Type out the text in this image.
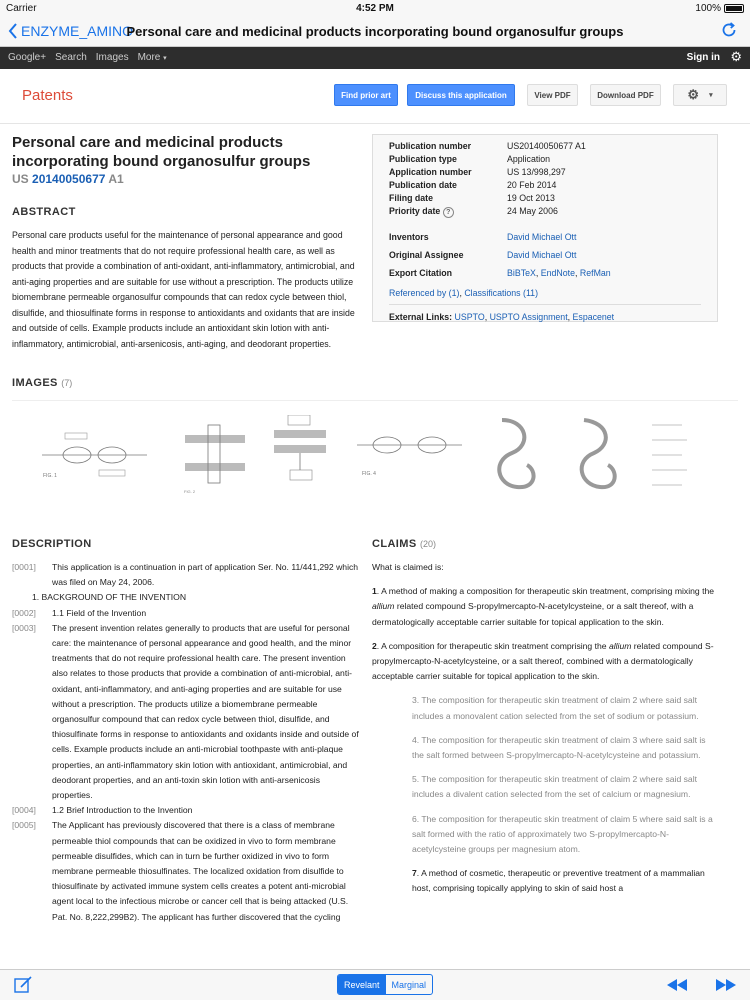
Carrier	4:52 PM	100%
ENZYME_AMINO
Personal care and medicinal products incorporating bound organosulfur groups
Google+ Search Images More ▾	Sign in ⚙
Patents	Find prior art	Discuss this application	View PDF	Download PDF	⚙ ▾
Personal care and medicinal products incorporating bound organosulfur groups
US 20140050677 A1
ABSTRACT

Personal care products useful for the maintenance of personal appearance and good health and minor treatments that do not require professional health care, as well as products that provide a combination of anti-oxidant, anti-inflammatory, antimicrobial, and anti-aging properties and are suitable for use without a prescription. The products utilize biomembrane permeable organosulfur compounds that can redox cycle between thiol, disulfide, and thiosulfinate forms in response to antioxidants and oxidants that are inside and outside of cells. Example products include an antioxidant skin lotion with anti-inflammatory, antimicrobial, anti-arsenicosis, anti-aging, and deodorant properties.

Publication number	US20140050677 A1
Publication type	Application
Application number	US 13/998,297
Publication date	20 Feb 2014
Filing date	19 Oct 2013
Priority date ?	24 May 2006

Inventors	David Michael Ott
Original Assignee	David Michael Ott
Export Citation	BiBTeX, EndNote, RefMan
Referenced by (1), Classifications (11)
External Links: USPTO, USPTO Assignment, Espacenet
IMAGES (7)
FIG. 1
FIG. 2
FIG. 4
DESCRIPTION
[0001]	This application is a continuation in part of application Ser. No. 11/441,292 which was filed on May 24, 2006.
1. BACKGROUND OF THE INVENTION
[0002]	1.1 Field of the Invention
[0003]	The present invention relates generally to products that are useful for personal care: the maintenance of personal appearance and good health, and the minor treatments that do not require professional health care. The present invention also relates to those products that provide a combination of anti-microbial, anti-oxidant, anti-inflammatory, and anti-aging properties and are suitable for use without a prescription. The products utilize a biomembrane permeable organosulfur compound that can redox cycle between thiol, disulfide, and thiosulfinate forms in response to antioxidants and oxidants inside and outside of cells. Example products include an anti-microbial toothpaste with anti-plaque properties, an anti-inflammatory skin lotion with antioxidant, antimicrobial, and deodorant properties, and an anti-toxin skin lotion with anti-arsenicosis properties.
[0004]	1.2 Brief Introduction to the Invention
[0005]	The Applicant has previously discovered that there is a class of membrane permeable thiol compounds that can be oxidized in vivo to form membrane permeable disulfides, which can in turn be further oxidized in vivo to form membrane permeable thiosulfinates. The localized oxidation from disulfide to thiosulfinate by activated immune system cells creates a potent anti-microbial agent local to the infectious microbe or cancer cell that is being attacked (U.S. Pat. No. 8,222,299B2). The applicant has further discovered that the cycling
CLAIMS (20)
What is claimed is:
1. A method of making a composition for therapeutic skin treatment, comprising mixing the allium related compound S-propylmercapto-N-acetylcysteine, or a salt thereof, with a dermatologically acceptable carrier suitable for topical application to the skin.
2. A composition for therapeutic skin treatment comprising the allium related compound S-propylmercapto-N-acetylcysteine, or a salt thereof, combined with a dermatologically acceptable carrier suitable for topical application to the skin.
3. The composition for therapeutic skin treatment of claim 2 where said salt includes a monovalent cation selected from the set of sodium or potassium.
4. The composition for therapeutic skin treatment of claim 3 where said salt is the salt formed between S-propylmercapto-N-acetylcysteine and potassium.
5. The composition for therapeutic skin treatment of claim 2 where said salt includes a divalent cation selected from the set of calcium or magnesium.
6. The composition for therapeutic skin treatment of claim 5 where said salt is a salt formed with the ratio of approximately two S-propylmercapto-N-acetylcysteine groups per magnesium atom.
7. A method of cosmetic, therapeutic or preventive treatment of a mammalian host, comprising topically applying to skin of said host a
Revelant	Marginal
